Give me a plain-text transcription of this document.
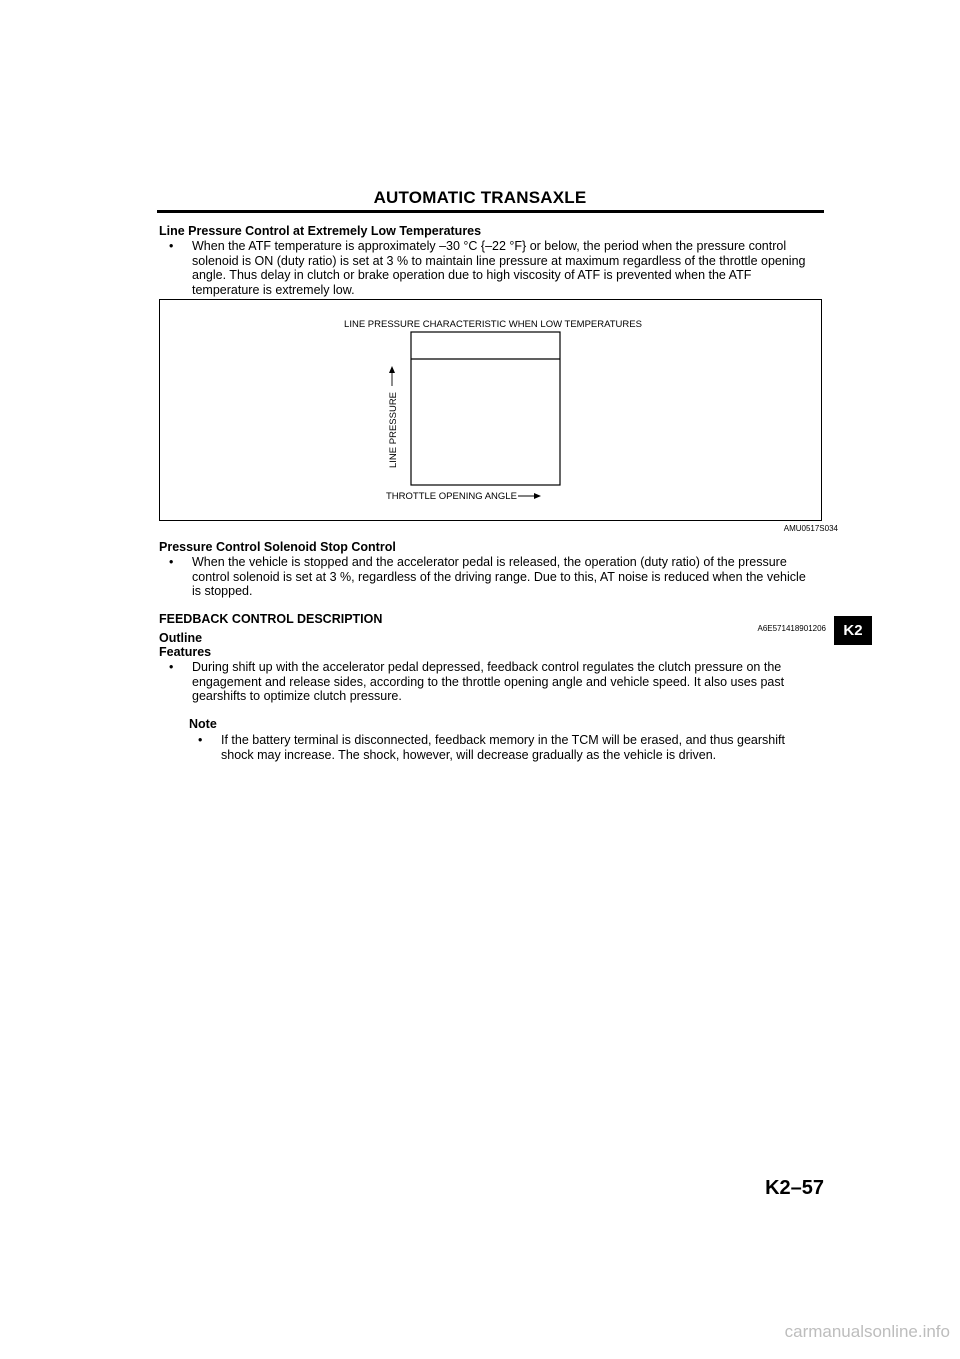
AUTOMATIC TRANSAXLE
Line Pressure Control at Extremely Low Temperatures
• When the ATF temperature is approximately –30 °C {–22 °F} or below, the period when the pressure control
solenoid is ON (duty ratio) is set at 3 % to maintain line pressure at maximum regardless of the throttle opening
angle. Thus delay in clutch or brake operation due to high viscosity of ATF is prevented when the ATF
temperature is extremely low.
LINE PRESSURE CHARACTERISTIC WHEN LOW TEMPERATURES
LINE PRESSURE
THROTTLE OPENING ANGLE
AMU0517S034
Pressure Control Solenoid Stop Control
• When the vehicle is stopped and the accelerator pedal is released, the operation (duty ratio) of the pressure
control solenoid is set at 3 %, regardless of the driving range. Due to this, AT noise is reduced when the vehicle
is stopped.
FEEDBACK CONTROL DESCRIPTION
A6E571418901206	K2
Outline
Features
• During shift up with the accelerator pedal depressed, feedback control regulates the clutch pressure on the
engagement and release sides, according to the throttle opening angle and vehicle speed. It also uses past
gearshifts to optimize clutch pressure.
Note
• If the battery terminal is disconnected, feedback memory in the TCM will be erased, and thus gearshift
shock may increase. The shock, however, will decrease gradually as the vehicle is driven.
K2–57
carmanualsonline.info
